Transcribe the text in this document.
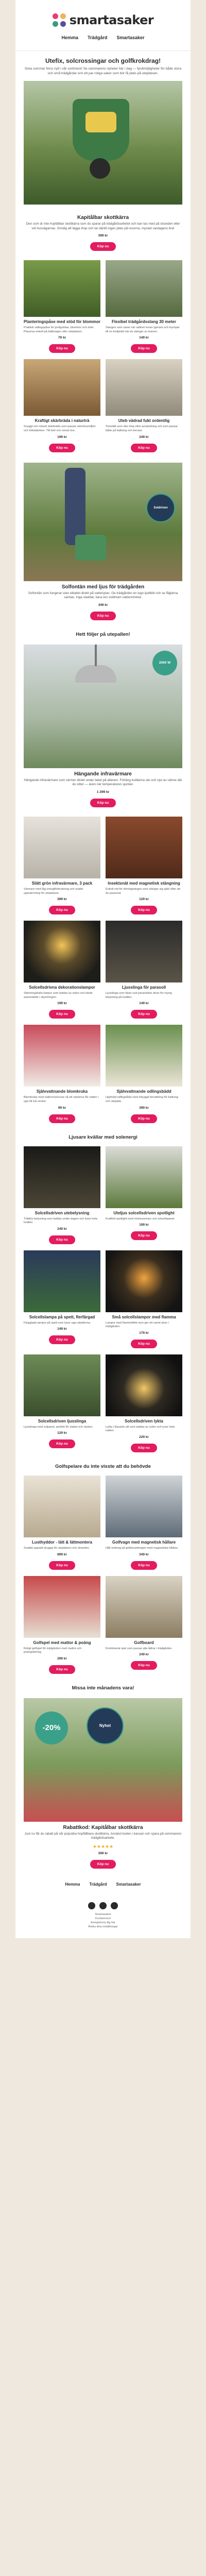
smartasaker
Hemma Trädgård Smartasaker
Utefix, solcrossingar och golfkrokdrag!
Sista sommar finns nytt i vår sortiment! Se sommarens nyheter här i dag — fyndmöjligheter för både stora och små trädgårdar och ett par roliga saker som bör få plats på uteplatsen.
Kapitålbar skottkärra

Den som är inte hopfällbar skottkärra som du sparar på trädgårdsarbetet och kan tas med på stranden eller vid husvägarnas. Smidig att lägga ihop och tar därtill ingen plats på resorna, mycket vardagens bra!

399 kr
Köp nu
Planteringspåse med stöd för blommor

Praktisk odlingspåse för jordgubbar, blommor och örter. Placeras enkelt på balkongen eller uteplatsen.

79 kr
Köp nu
Flexibel trädgårdsslang 30 meter

Slangen som växer när vattnet rinner igenom och krymper till en tredjedel när du stänger av kranen.

149 kr
Köp nu
Kraftigt skärbräda i naturträ

Snyggt och robust skärbräda som passar utomhusmiljön och köksbänken. Tål fukt och smuts bra.

199 kr
Köp nu
Uteb vädrad fukt ordentlig

Torkställ som viks ihop efter användning och som passar både på balkong och terrass.

249 kr
Köp nu
Soldriven
Solfontän med ljus för trädgården

Solfontän som fungerar utan elkabel direkt på vattenytan. Ge trädgården en lugn ljudbild och se fåglarna samlas. Inga sladdar, bara ren soldriven vattenrörelse.

349 kr
Köp nu
Hett följer på utepallen!
2000 W
Hängande infravärmare

Hängande infravärmare som värmer direkt under taket på altanen. Förläng kvällarna ute och njut av värme där du sitter — även när temperaturen sjunker.

1 299 kr
Köp nu
Slätt grön infravärmare, 3 pack

Värmare med låg energiförbrukning och snabb uppvärmning för uteplatsen.

399 kr
Köp nu
Insektsnät med magnetisk stängning

Enkelt nät för dörröppningen som stänger sig själv efter att du passerat.

129 kr
Köp nu
Solcellsdrivna dekorationslampor

Stämningsfulla lampor som laddas av solen och tänds automatiskt i skymningen.

199 kr
Köp nu
Ljusslinga för parasoll

Ljusslinga som fästs runt parasollets ekrar för mysig belysning på kvällen.

149 kr
Köp nu
Självvattnande blomkruka

Blomkruka med vattenreservoar så att växterna får vatten i upp till två veckor.

99 kr
Köp nu
Självvattnande odlingsbädd

Upphöjd odlingslåda med inbyggd bevattning för balkong och uteplats.

399 kr
Köp nu
Ljusare kvällar med solenergi
Solcellsdriven utebelysning

Trådlös belysning som laddas under dagen och lyser hela kvällen.

249 kr
Köp nu
Uteljus solcellsdriven spotlight

Kraftfull spotlight med rörelsesensor och solcellspanel.

199 kr
Köp nu
Solcellslampa på spett, flerfärgad

Färgglada lampor på spett som lyser upp rabatterna.

149 kr
Köp nu
Små solcellslampor med flamma

Lampor med flammeffekt som ger ett varmt sken i trädgården.

179 kr
Köp nu
Solcellsdriven ljusslinga

Ljusslinga med solpanel, perfekt för staket och räcken.

129 kr
Köp nu
Solcellsdriven lykta

Lykta i klassisk stil som laddas av solen och lyser hela natten.

229 kr
Köp nu
Golfspelare du inte visste att du behövde
Lusthyddor - lätt & lättmontera

Snabbt uppsatt skugga för uteplatsen och stranden.

899 kr
Köp nu
Golfvagn med magnetisk hållare

Håll ordning på golfutrustningen med magnetiska hållare.

349 kr
Köp nu
Golfspel med mattor & poäng

Roligt golfspel för trädgården med mattor och poängräkning.

299 kr
Köp nu
Golfboard

Kombinerat spel som passar alla åldrar i trädgården.

249 kr
Köp nu
Missa inte månadens vara!
-20%	Nyhet
Rabattkod: Kapitålbar skottkärra

Just nu får du rabatt på vår populära hopfällbara skottkärra. Använd koden i kassan och spara på sommarens trädgårdsarbete.

★★★★★
399 kr
Köp nu
Hemma Trädgård Smartasaker
Smartasaker
Kundservice
Avregistrera dig här
Ändra dina inställningar
